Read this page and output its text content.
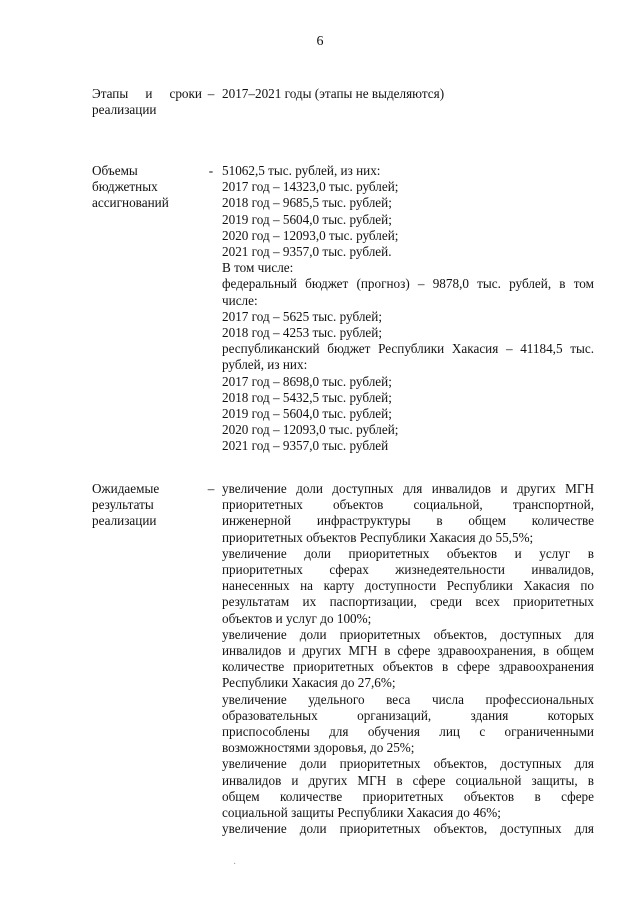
6
Этапы и сроки
реализации
– 2017–2021 годы (этапы не выделяются)
Объемы
бюджетных
ассигнований
- 51062,5 тыс. рублей, из них:
2017 год – 14323,0 тыс. рублей;
2018 год – 9685,5 тыс. рублей;
2019 год – 5604,0 тыс. рублей;
2020 год – 12093,0 тыс. рублей;
2021 год – 9357,0 тыс. рублей.
В том числе:
федеральный бюджет (прогноз) – 9878,0 тыс. рублей, в том
числе:
2017 год – 5625 тыс. рублей;
2018 год – 4253 тыс. рублей;
республиканский бюджет Республики Хакасия – 41184,5 тыс.
рублей, из них:
2017 год – 8698,0 тыс. рублей;
2018 год – 5432,5 тыс. рублей;
2019 год – 5604,0 тыс. рублей;
2020 год – 12093,0 тыс. рублей;
2021 год – 9357,0 тыс. рублей
Ожидаемые
результаты
реализации
– увеличение доли доступных для инвалидов и других МГН
приоритетных объектов социальной, транспортной,
инженерной инфраструктуры в общем количестве
приоритетных объектов Республики Хакасия до 55,5%;
увеличение доли приоритетных объектов и услуг в
приоритетных сферах жизнедеятельности инвалидов,
нанесенных на карту доступности Республики Хакасия по
результатам их паспортизации, среди всех приоритетных
объектов и услуг до 100%;
увеличение доли приоритетных объектов, доступных для
инвалидов и других МГН в сфере здравоохранения, в общем
количестве приоритетных объектов в сфере здравоохранения
Республики Хакасия до 27,6%;
увеличение удельного веса числа профессиональных
образовательных организаций, здания которых
приспособлены для обучения лиц с ограниченными
возможностями здоровья, до 25%;
увеличение доли приоритетных объектов, доступных для
инвалидов и других МГН в сфере социальной защиты, в
общем количестве приоритетных объектов в сфере
социальной защиты Республики Хакасия до 46%;
увеличение доли приоритетных объектов, доступных для
·
